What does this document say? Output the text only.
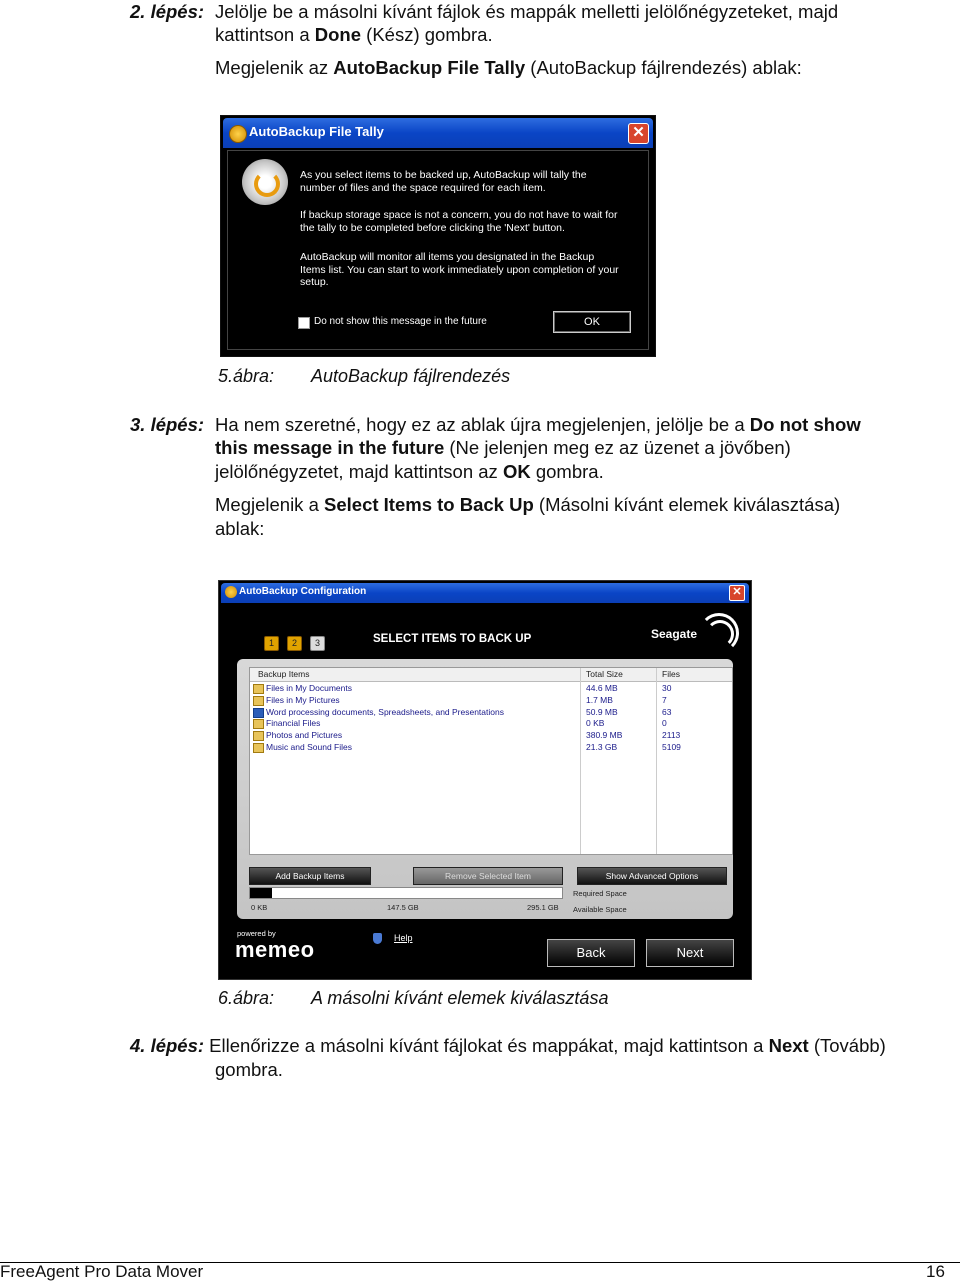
2. lépés: Jelölje be a másolni kívánt fájlok és mappák melletti jelölőnégyzeteket, majd
kattintson a Done (Kész) gombra.
Megjelenik az AutoBackup File Tally (AutoBackup fájlrendezés) ablak:
AutoBackup File Tally	✕
As you select items to be backed up, AutoBackup will tally the number of files and the space required for each item.
If backup storage space is not a concern, you do not have to wait for the tally to be completed before clicking the 'Next' button.
AutoBackup will monitor all items you designated in the Backup Items list. You can start to work immediately upon completion of your setup.
Do not show this message in the future	OK
5.ábra: AutoBackup fájlrendezés
3. lépés: Ha nem szeretné, hogy ez az ablak újra megjelenjen, jelölje be a Do not show
this message in the future (Ne jelenjen meg ez az üzenet a jövőben)
jelölőnégyzetet, majd kattintson az OK gombra.
Megjelenik a Select Items to Back Up (Másolni kívánt elemek kiválasztása)
ablak:
AutoBackup Configuration	✕
1 2 3	SELECT ITEMS TO BACK UP	Seagate
Backup Items	Total Size	Files
Files in My Documents	44.6 MB	30
Files in My Pictures	1.7 MB	7
Word processing documents, Spreadsheets, and Presentations	50.9 MB	63
Financial Files	0 KB	0
Photos and Pictures	380.9 MB	2113
Music and Sound Files	21.3 GB	5109
Add Backup Items	Remove Selected Item	Show Advanced Options
0 KB	147.5 GB	295.1 GB
Required Space
Available Space
powered by
memeo	Help
Back	Next
6.ábra: A másolni kívánt elemek kiválasztása
4. lépés: Ellenőrizze a másolni kívánt fájlokat és mappákat, majd kattintson a Next (Tovább)
gombra.
FreeAgent Pro Data Mover	16
